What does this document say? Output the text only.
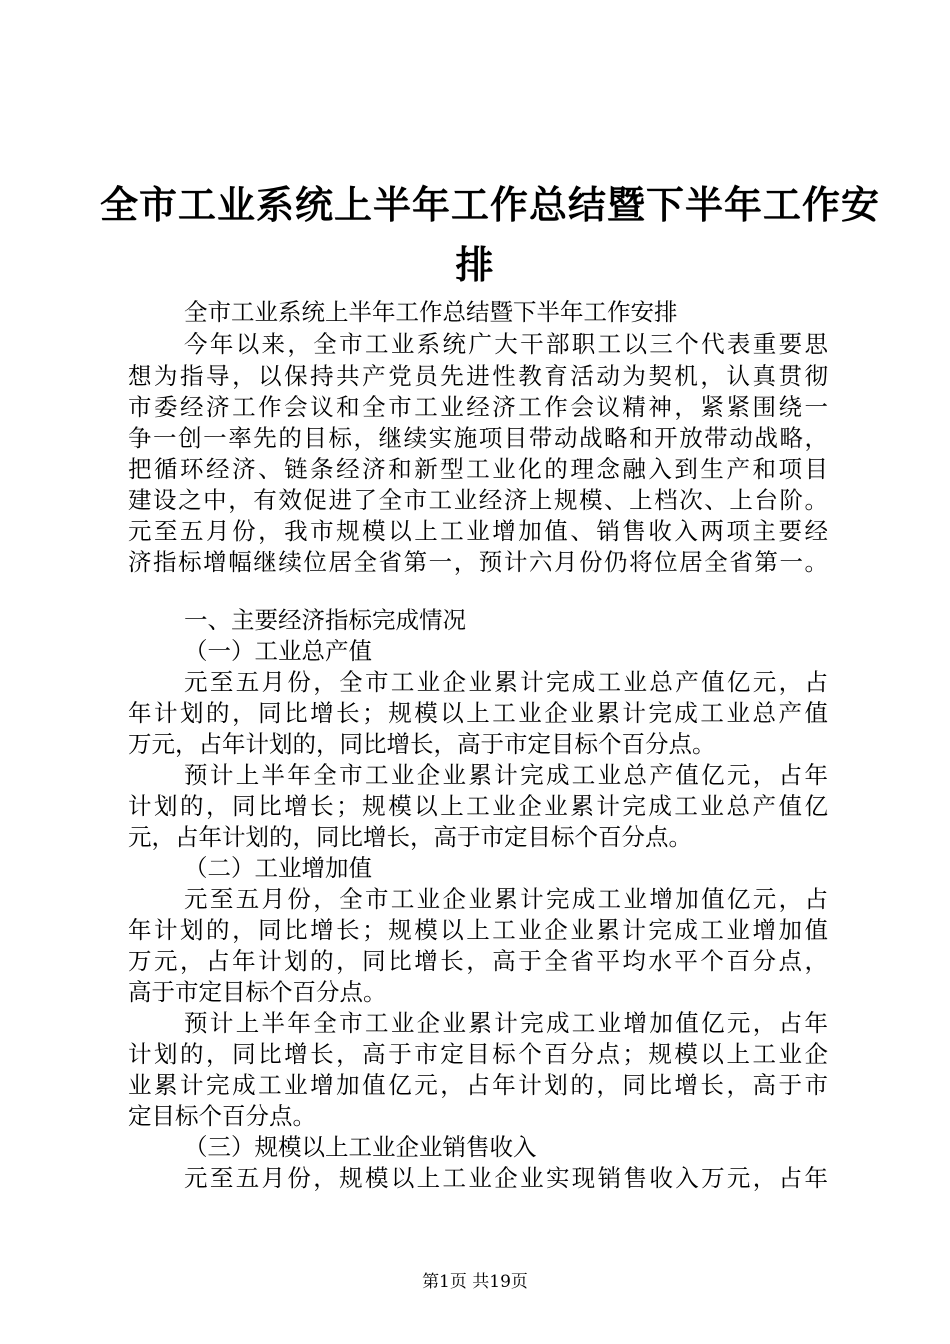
全市工业系统上半年工作总结暨下半年工作安
排
全市工业系统上半年工作总结暨下半年工作安排
今年以来，全市工业系统广大干部职工以三个代表重要思
想为指导，以保持共产党员先进性教育活动为契机，认真贯彻
市委经济工作会议和全市工业经济工作会议精神，紧紧围绕一
争一创一率先的目标，继续实施项目带动战略和开放带动战略，
把循环经济、链条经济和新型工业化的理念融入到生产和项目
建设之中，有效促进了全市工业经济上规模、上档次、上台阶。
元至五月份，我市规模以上工业增加值、销售收入两项主要经
济指标增幅继续位居全省第一，预计六月份仍将位居全省第一。
一、主要经济指标完成情况
（一）工业总产值
元至五月份，全市工业企业累计完成工业总产值亿元，占
年计划的，同比增长；规模以上工业企业累计完成工业总产值
万元，占年计划的，同比增长，高于市定目标个百分点。
预计上半年全市工业企业累计完成工业总产值亿元，占年
计划的，同比增长；规模以上工业企业累计完成工业总产值亿
元，占年计划的，同比增长，高于市定目标个百分点。
（二）工业增加值
元至五月份，全市工业企业累计完成工业增加值亿元，占
年计划的，同比增长；规模以上工业企业累计完成工业增加值
万元，占年计划的，同比增长，高于全省平均水平个百分点，
高于市定目标个百分点。
预计上半年全市工业企业累计完成工业增加值亿元，占年
计划的，同比增长，高于市定目标个百分点；规模以上工业企
业累计完成工业增加值亿元，占年计划的，同比增长，高于市
定目标个百分点。
（三）规模以上工业企业销售收入
元至五月份，规模以上工业企业实现销售收入万元，占年
第1页 共19页
